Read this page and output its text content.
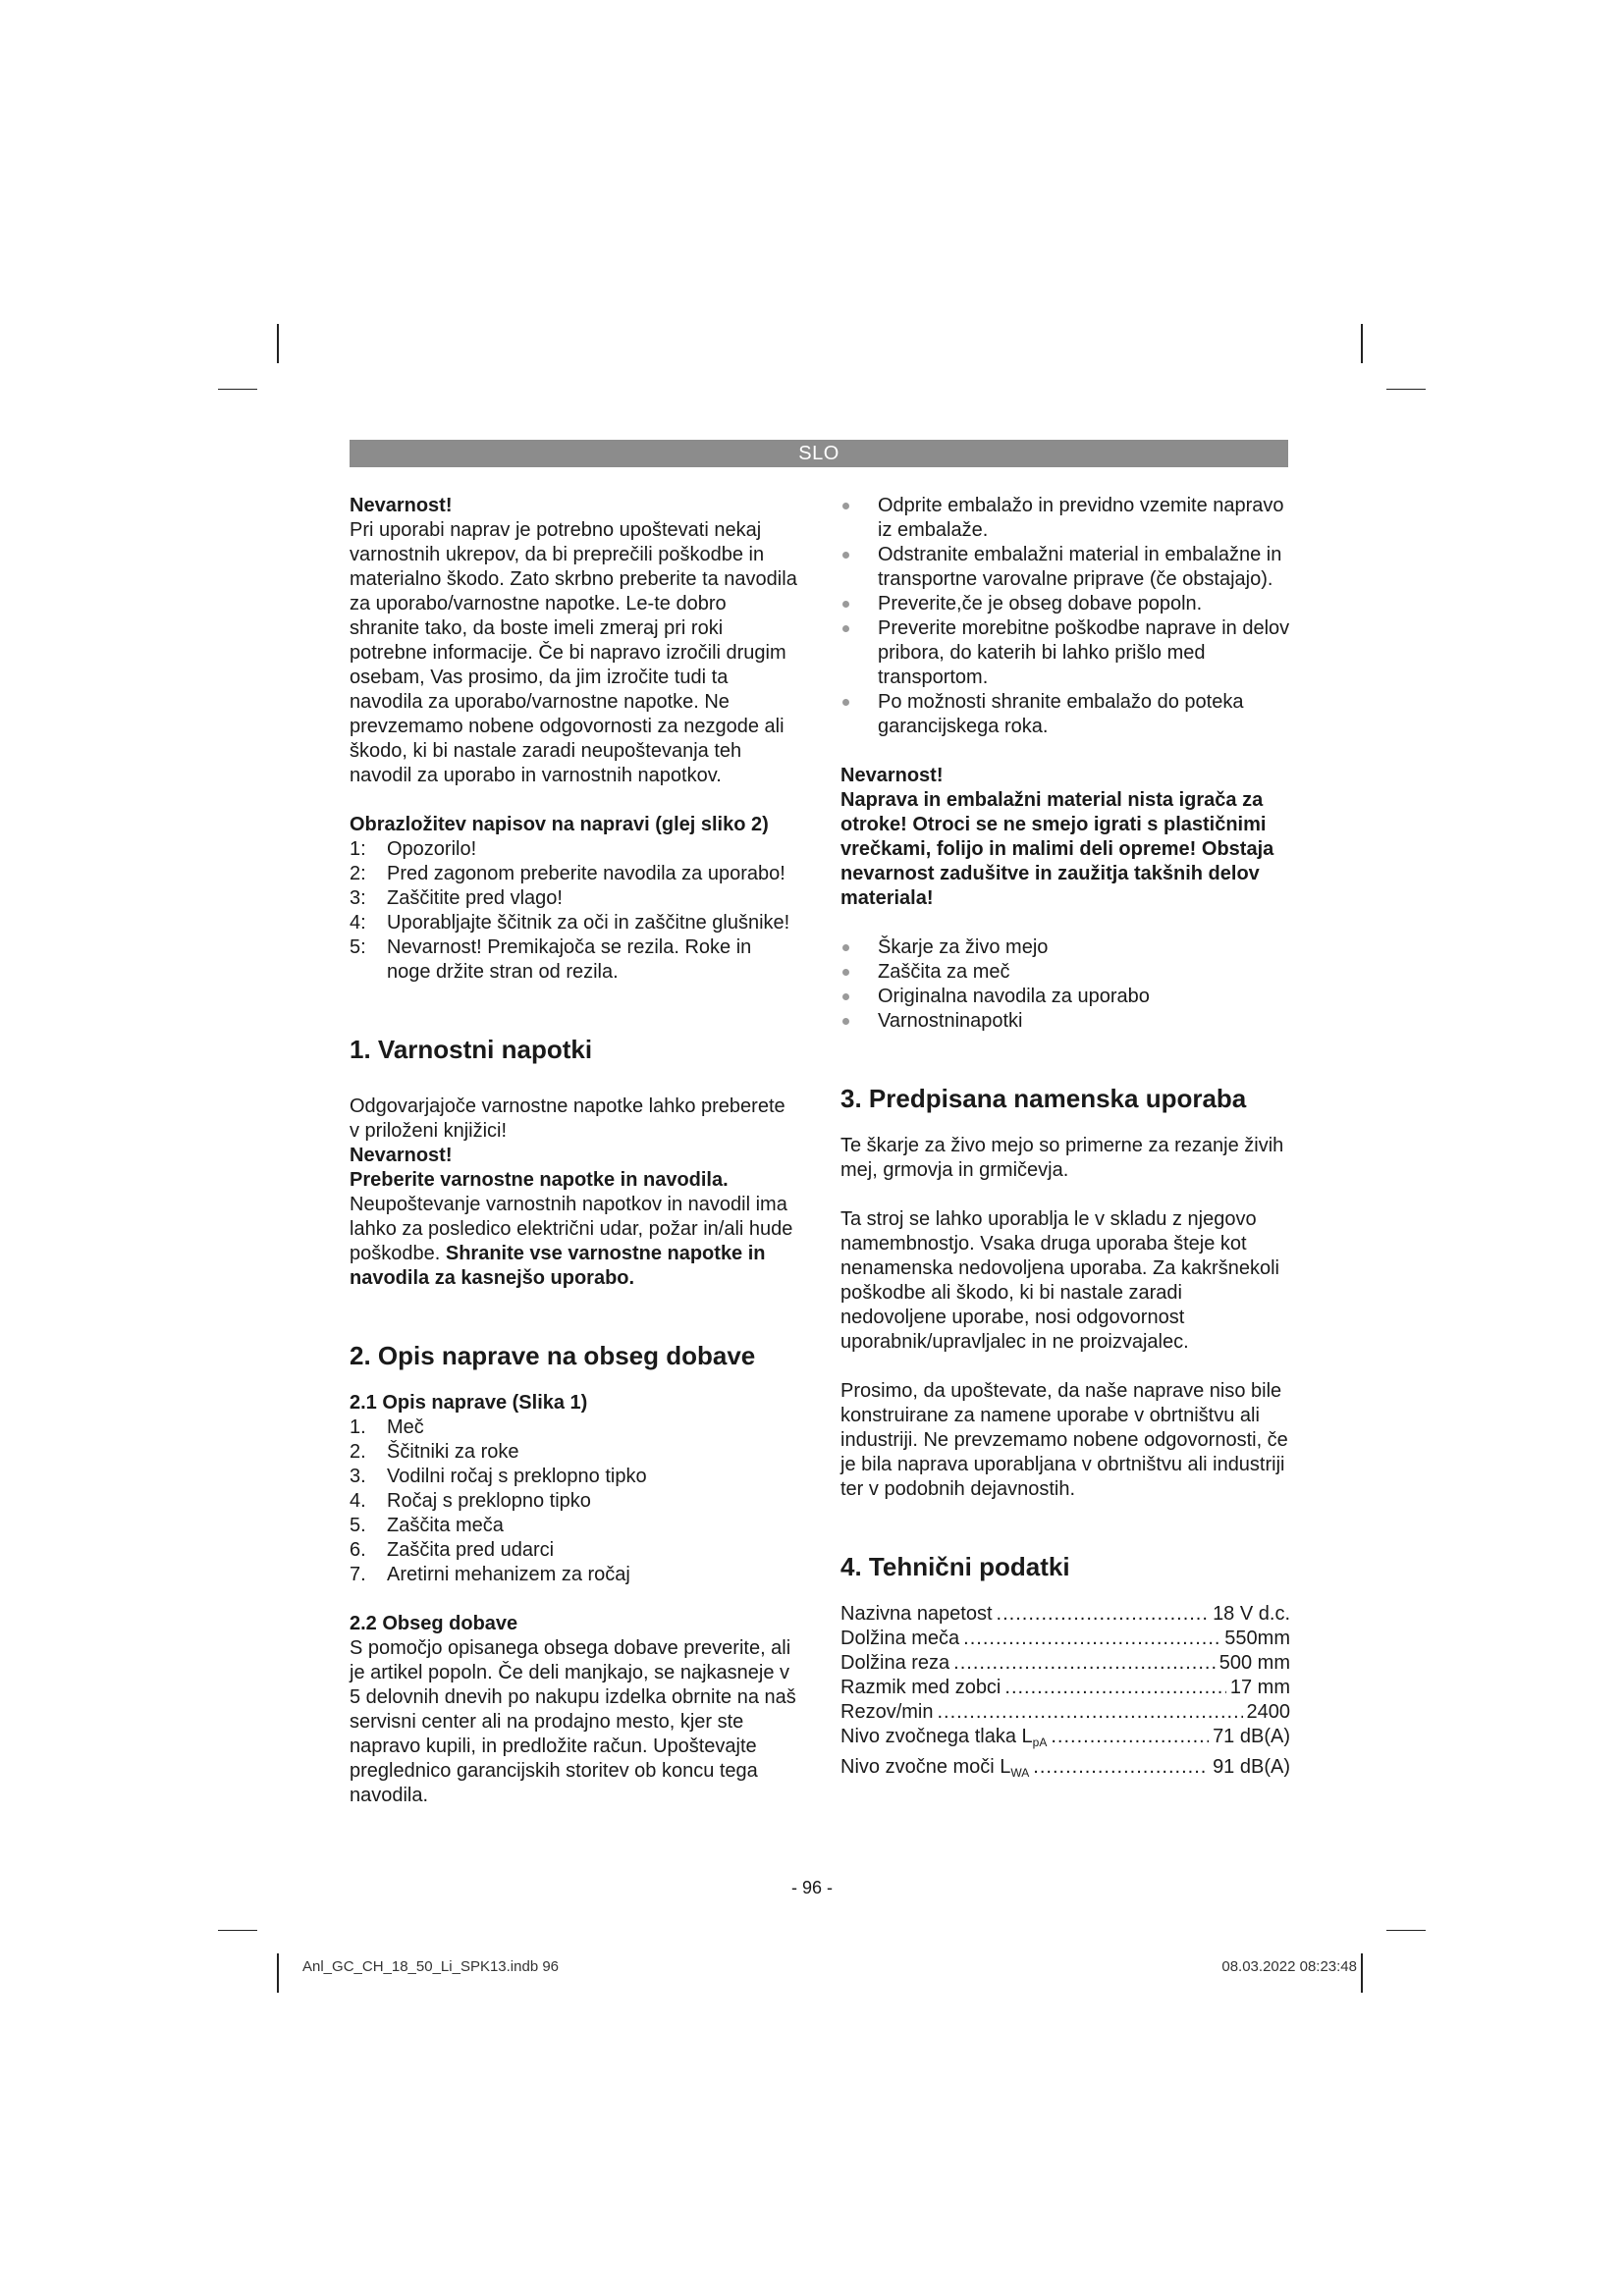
SLO

Nevarnost!

Pri uporabi naprav je potrebno upoštevati nekaj varnostnih ukrepov, da bi preprečili poškodbe in materialno škodo. Zato skrbno preberite ta navodila za uporabo/varnostne napotke. Le-te dobro shranite tako, da boste imeli zmeraj pri roki potrebne informacije. Če bi napravo izročili drugim osebam, Vas prosimo, da jim izročite tudi ta navodila za uporabo/varnostne napotke. Ne prevzemamo nobene odgovornosti za nezgode ali škodo, ki bi nastale zaradi neupoštevanja teh navodil za uporabo in varnostnih napotkov.

Obrazložitev napisov na napravi (glej sliko 2)

1: Opozorilo!
2: Pred zagonom preberite navodila za uporabo!
3: Zaščitite pred vlago!
4: Uporabljajte ščitnik za oči in zaščitne glušnike!
5: Nevarnost! Premikajoča se rezila. Roke in noge držite stran od rezila.
1. Varnostni napotki

Odgovarjajoče varnostne napotke lahko preberete v priloženi knjižici!

Nevarnost!

Preberite varnostne napotke in navodila.

Neupoštevanje varnostnih napotkov in navodil ima lahko za posledico električni udar, požar in/ali hude poškodbe. Shranite vse varnostne napotke in navodila za kasnejšo uporabo.

2. Opis naprave na obseg dobave

2.1 Opis naprave (Slika 1)

1. Meč
2. Ščitniki za roke
3. Vodilni ročaj s preklopno tipko
4. Ročaj s preklopno tipko
5. Zaščita meča
6. Zaščita pred udarci
7. Aretirni mehanizem za ročaj

2.2 Obseg dobave

S pomočjo opisanega obsega dobave preverite, ali je artikel popoln. Če deli manjkajo, se najkasneje v 5 delovnih dnevih po nakupu izdelka obrnite na naš servisni center ali na prodajno mesto, kjer ste napravo kupili, in predložite račun. Upoštevajte preglednico garancijskih storitev ob koncu tega navodila.

Odprite embalažo in previdno vzemite napravo iz embalaže.
Odstranite embalažni material in embalažne in transportne varovalne priprave (če obstajajo).
Preverite,če je obseg dobave popoln.
Preverite morebitne poškodbe naprave in delov pribora, do katerih bi lahko prišlo med transportom.
Po možnosti shranite embalažo do poteka garancijskega roka.

Nevarnost!

Naprava in embalažni material nista igrača za otroke! Otroci se ne smejo igrati s plastičnimi vrečkami, folijo in malimi deli opreme! Obstaja nevarnost zadušitve in zaužitja takšnih delov materiala!

Škarje za živo mejo
Zaščita za meč
Originalna navodila za uporabo
Varnostninapotki
3. Predpisana namenska uporaba

Te škarje za živo mejo so primerne za rezanje živih mej, grmovja in grmičevja.

Ta stroj se lahko uporablja le v skladu z njegovo namembnostjo. Vsaka druga uporaba šteje kot nenamenska nedovoljena uporaba. Za kakršnekoli poškodbe ali škodo, ki bi nastale zaradi nedovoljene uporabe, nosi odgovornost uporabnik/upravljalec in ne proizvajalec.

Prosimo, da upoštevate, da naše naprave niso bile konstruirane za namene uporabe v obrtništvu ali industriji. Ne prevzemamo nobene odgovornosti, če je bila naprava uporabljana v obrtništvu ali industriji ter v podobnih dejavnostih.

4. Tehnični podatki
Nazivna napetost .....	18 V d.c.
Dolžina meča .....	550mm
Dolžina reza .....	500 mm
Razmik med zobci .....	17 mm
Rezov/min .....	2400
Nivo zvočnega tlaka $L_{pA}$ .....	71 dB(A)
Nivo zvočne moči $L_{WA}$ .....	91 dB(A)
- 96 -
Anl_GC_CH_18_50_Li_SPK13.indb 96	08.03.2022 08:23:48
